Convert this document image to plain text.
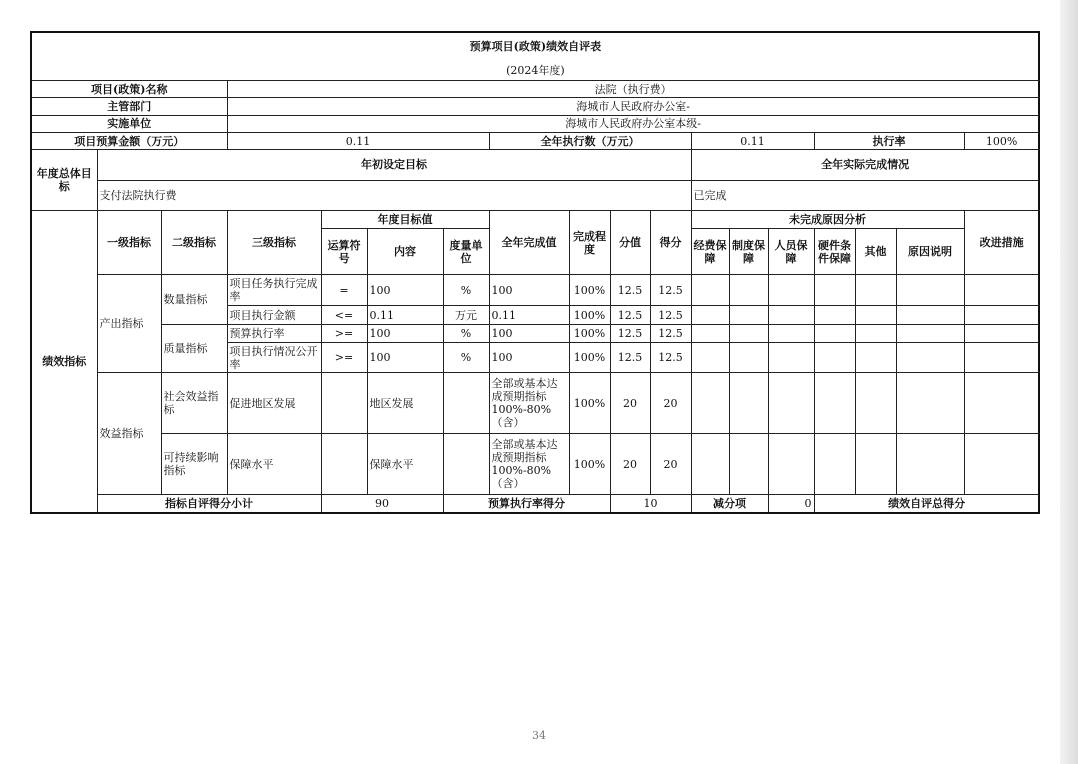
预算项目(政策)绩效自评表																		
(2024年度)																		
项目(政策)名称			法院（执行费）															
主管部门			海城市人民政府办公室-															
实施单位			海城市人民政府办公室本级-															
项目预算金额（万元）			0.11				全年执行数（万元）				0.11			执行率			100%	
年度总体目标	年初设定目标										全年实际完成情况							
	支付法院执行费										已完成							
绩效指标	一级指标	二级指标	三级指标	年度目标值			全年完成值	完成程度	分值	得分	未完成原因分析						改进措施	
				运算符号	内容	度量单位					经费保障	制度保障	人员保障	硬件条件保障	其他	原因说明		
	产出指标	数量指标	项目任务执行完成率	=	100	%	100	100%	12.5	12.5								
			项目执行金额	<=	0.11	万元	0.11	100%	12.5	12.5								
		质量指标	预算执行率	>=	100	%	100	100%	12.5	12.5								
			项目执行情况公开率	>=	100	%	100	100%	12.5	12.5								
	效益指标	社会效益指标	促进地区发展		地区发展		全部或基本达成预期指标100%-80%（含）	100%	20	20								
		可持续影响指标	保障水平		保障水平		全部或基本达成预期指标100%-80%（含）	100%	20	20								
	指标自评得分小计			90		预算执行率得分			10		减分项		0	绩效自评总得分	
34
